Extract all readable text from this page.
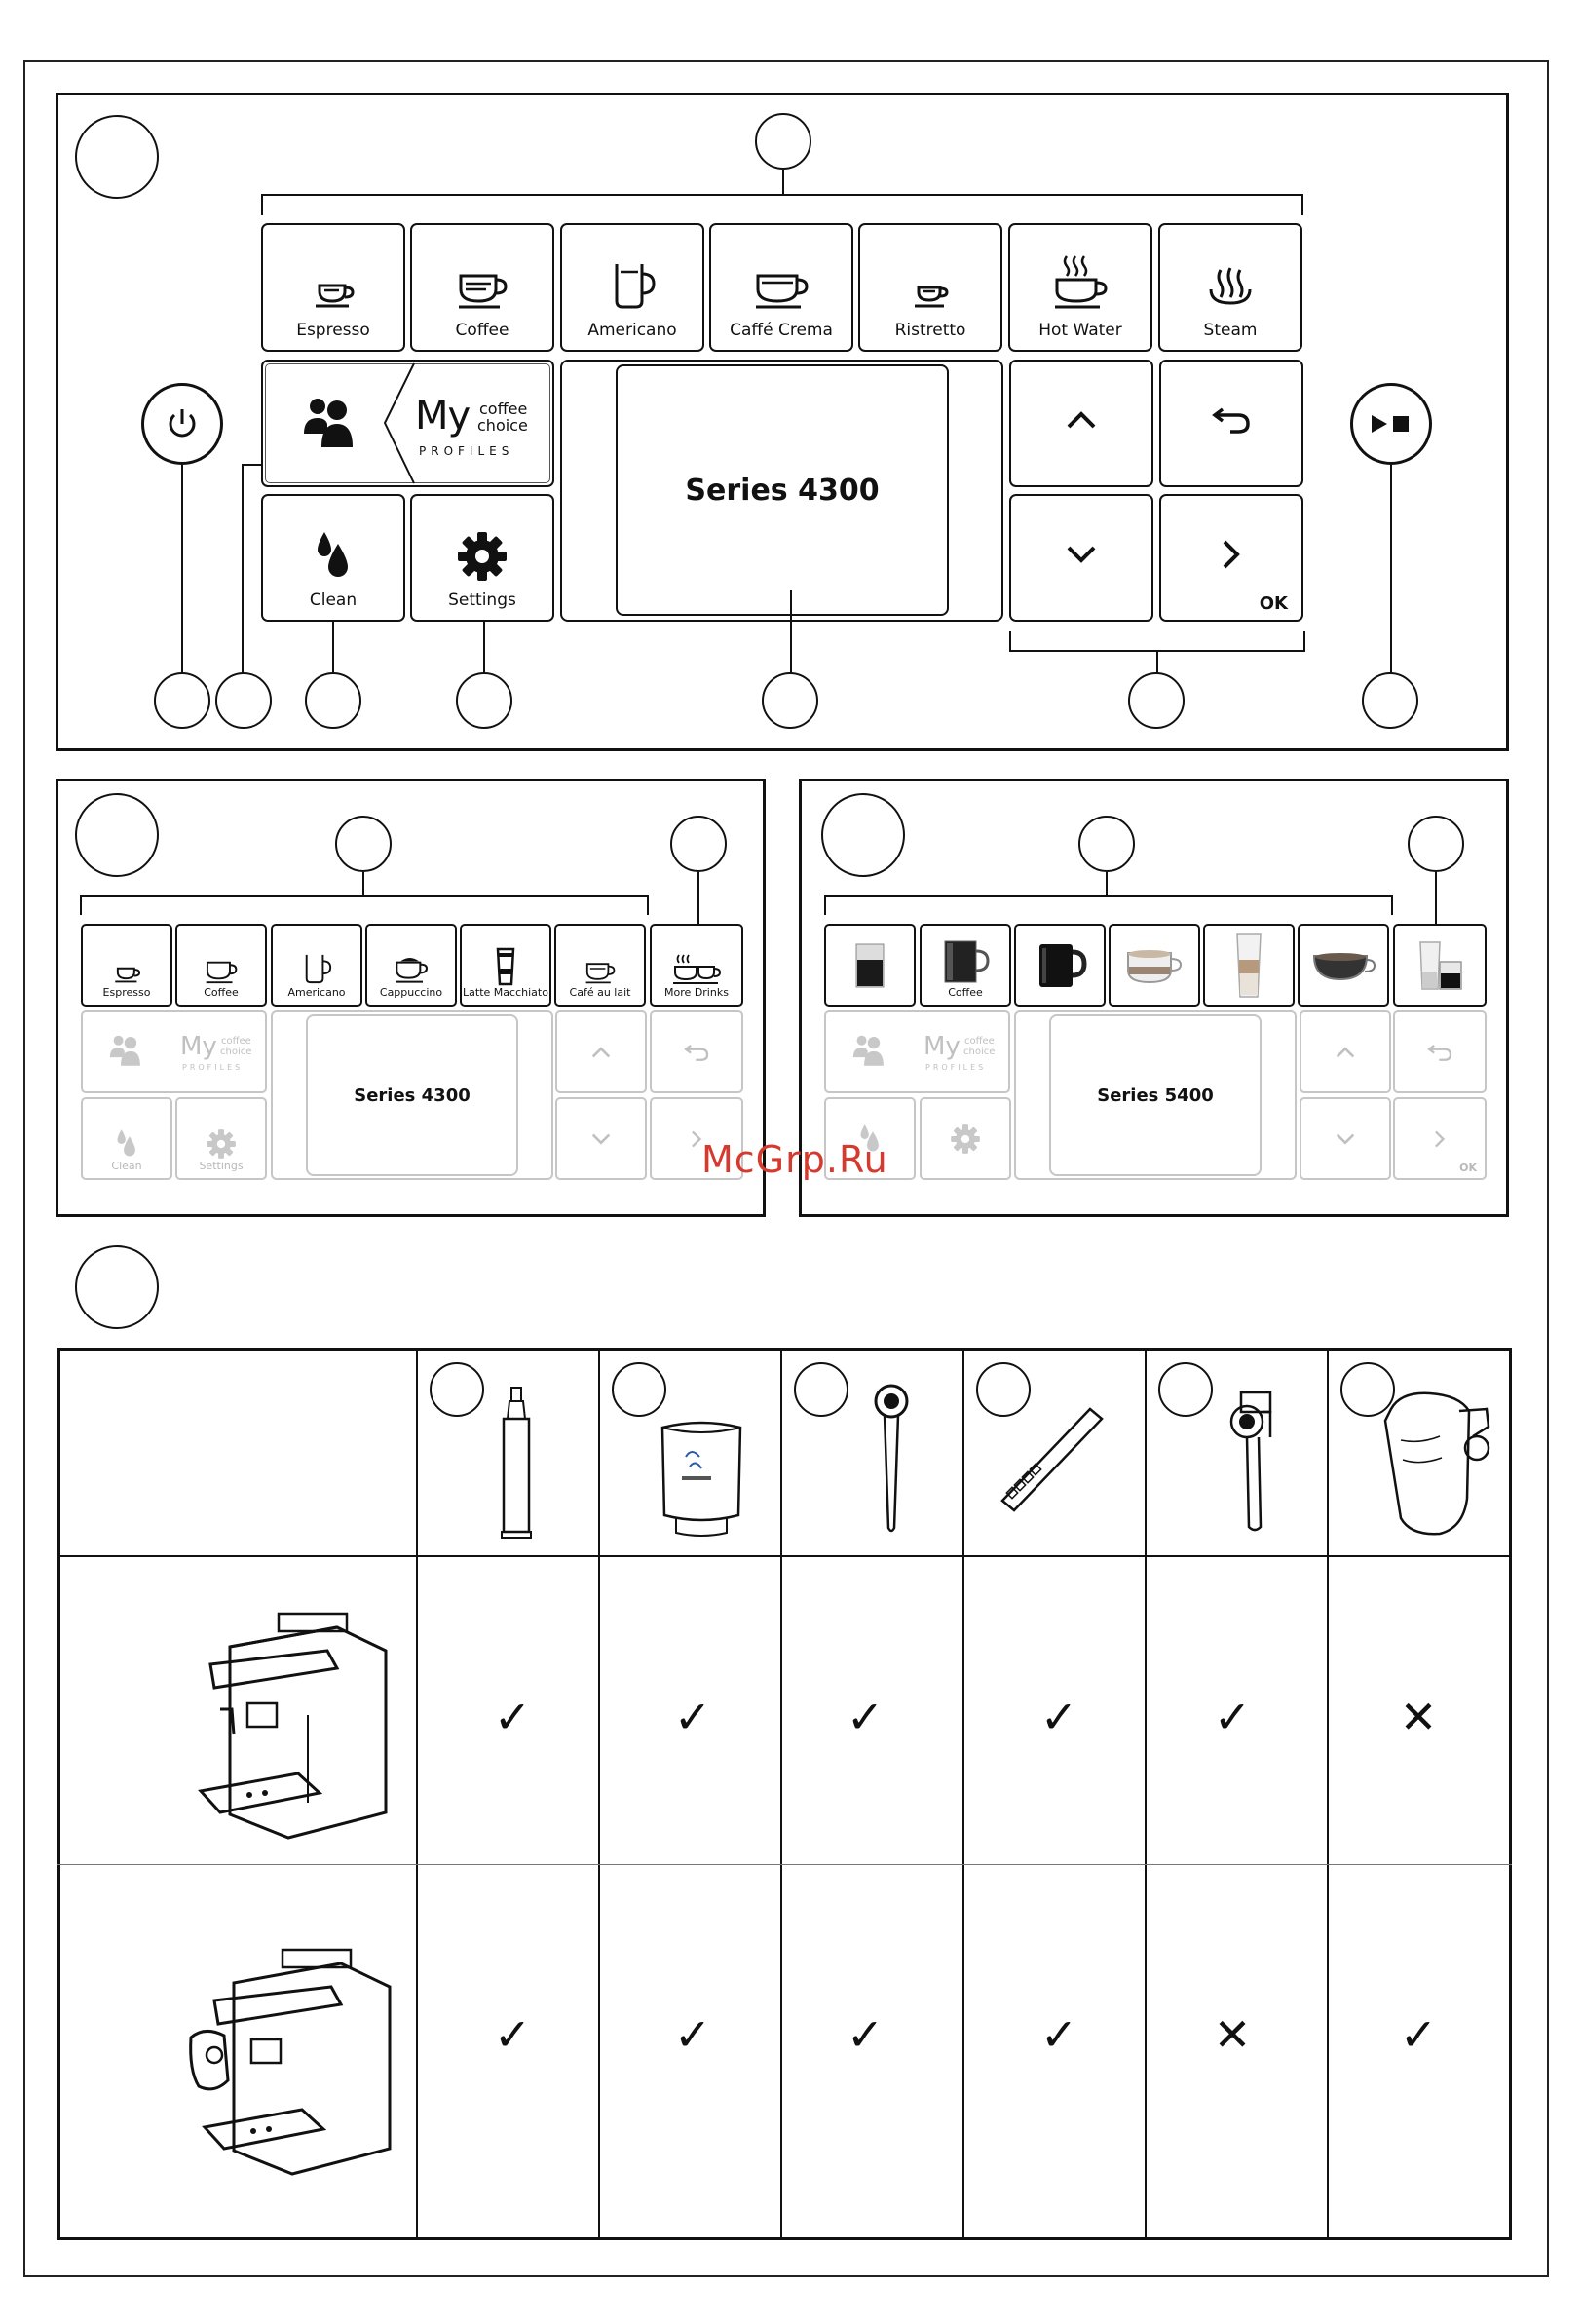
Espresso	Coffee	Americano	Caffé Crema	Ristretto	Hot Water	Steam
My coffee
choice
PROFILES
Clean	Settings
Series 4300
OK
Espresso	Coffee	Americano	Cappuccino Latte Macchiato Café au lait	More Drinks
My coffee
choice
PROFILES
Clean	Settings
Series 4300
Coffee
My coffee
choice
PROFILES
Series 5400
OK
McGrp.Ru
✓	✓	✓	✓	✓	✕
✓	✓	✓	✓	✕	✓
